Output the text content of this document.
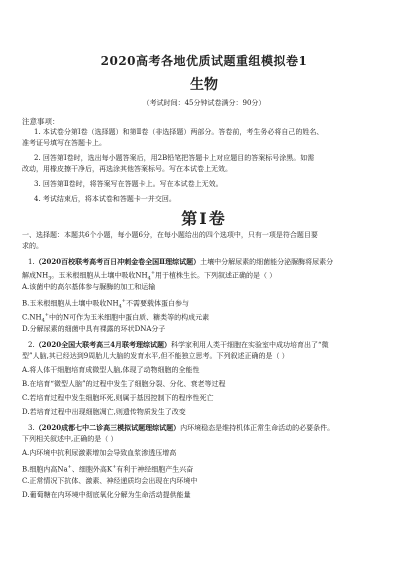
2020高考各地优质试题重组模拟卷1
生物
（考试时间：45分钟试卷满分：90分）
注意事项：
1. 本试卷分第Ⅰ卷（选择题）和第Ⅱ卷（非选择题）两部分。答卷前，考生务必将自己的姓名、
准考证号填写在答题卡上。
2. 回答第Ⅰ卷时，选出每小题答案后，用2B铅笔把答题卡上对应题目的答案标号涂黑。如需
改动，用橡皮擦干净后，再选涂其他答案标号。写在本试卷上无效。
3. 回答第Ⅱ卷时，将答案写在答题卡上。写在本试卷上无效。
4. 考试结束后，将本试卷和答题卡一并交回。
第Ⅰ卷
一、选择题：本题共6个小题，每小题6分，在每小题给出的四个选项中，只有一项是符合题目要
求的。
1.（2020百校联考高考百日冲刺金卷全国Ⅱ理综试题）土壤中分解尿素的细菌能分泌脲酶将尿素分
解成$NH_3$。玉米根细胞从土壤中吸收$NH_4^+$用于植株生长。下列叙述正确的是（ ）
A.该菌中的高尔基体参与脲酶的加工和运输
B.玉米根细胞从土壤中吸收$NH_4^+$不需要载体蛋白参与
$C.NH_4^+$中的N可作为玉米细胞中蛋白质、糖类等的构成元素
D.分解尿素的细菌中具有裸露的环状DNA分子
2.（2020全国大联考高三4月联考理综试题）科学家利用人类干细胞在实验室中成功培育出了“微
型”人脑,其已经达到9周胎儿大脑的发育水平,但不能独立思考。下列叙述正确的是（ ）
A.将人体干细胞培育成微型人脑,体现了动物细胞的全能性
B.在培育“微型人脑”的过程中发生了细胞分裂、分化、衰老等过程
C.若培育过程中发生细胞坏死,则属于基因控制下的程序性死亡
D.若培育过程中出现细胞凋亡,则遗传物质发生了改变
3.（2020成都七中二诊高三模拟试题理综试题）内环境稳态是维持机体正常生命活动的必要条件。
下列相关叙述中,正确的是（ ）
A.内环境中抗利尿激素增加会导致血浆渗透压增高
B.细胞内高Na+、细胞外高K+有利于神经细胞产生兴奋
C.正常情况下抗体、激素、神经递质均会出现在内环境中
D.葡萄糖在内环境中彻底氧化分解为生命活动提供能量
